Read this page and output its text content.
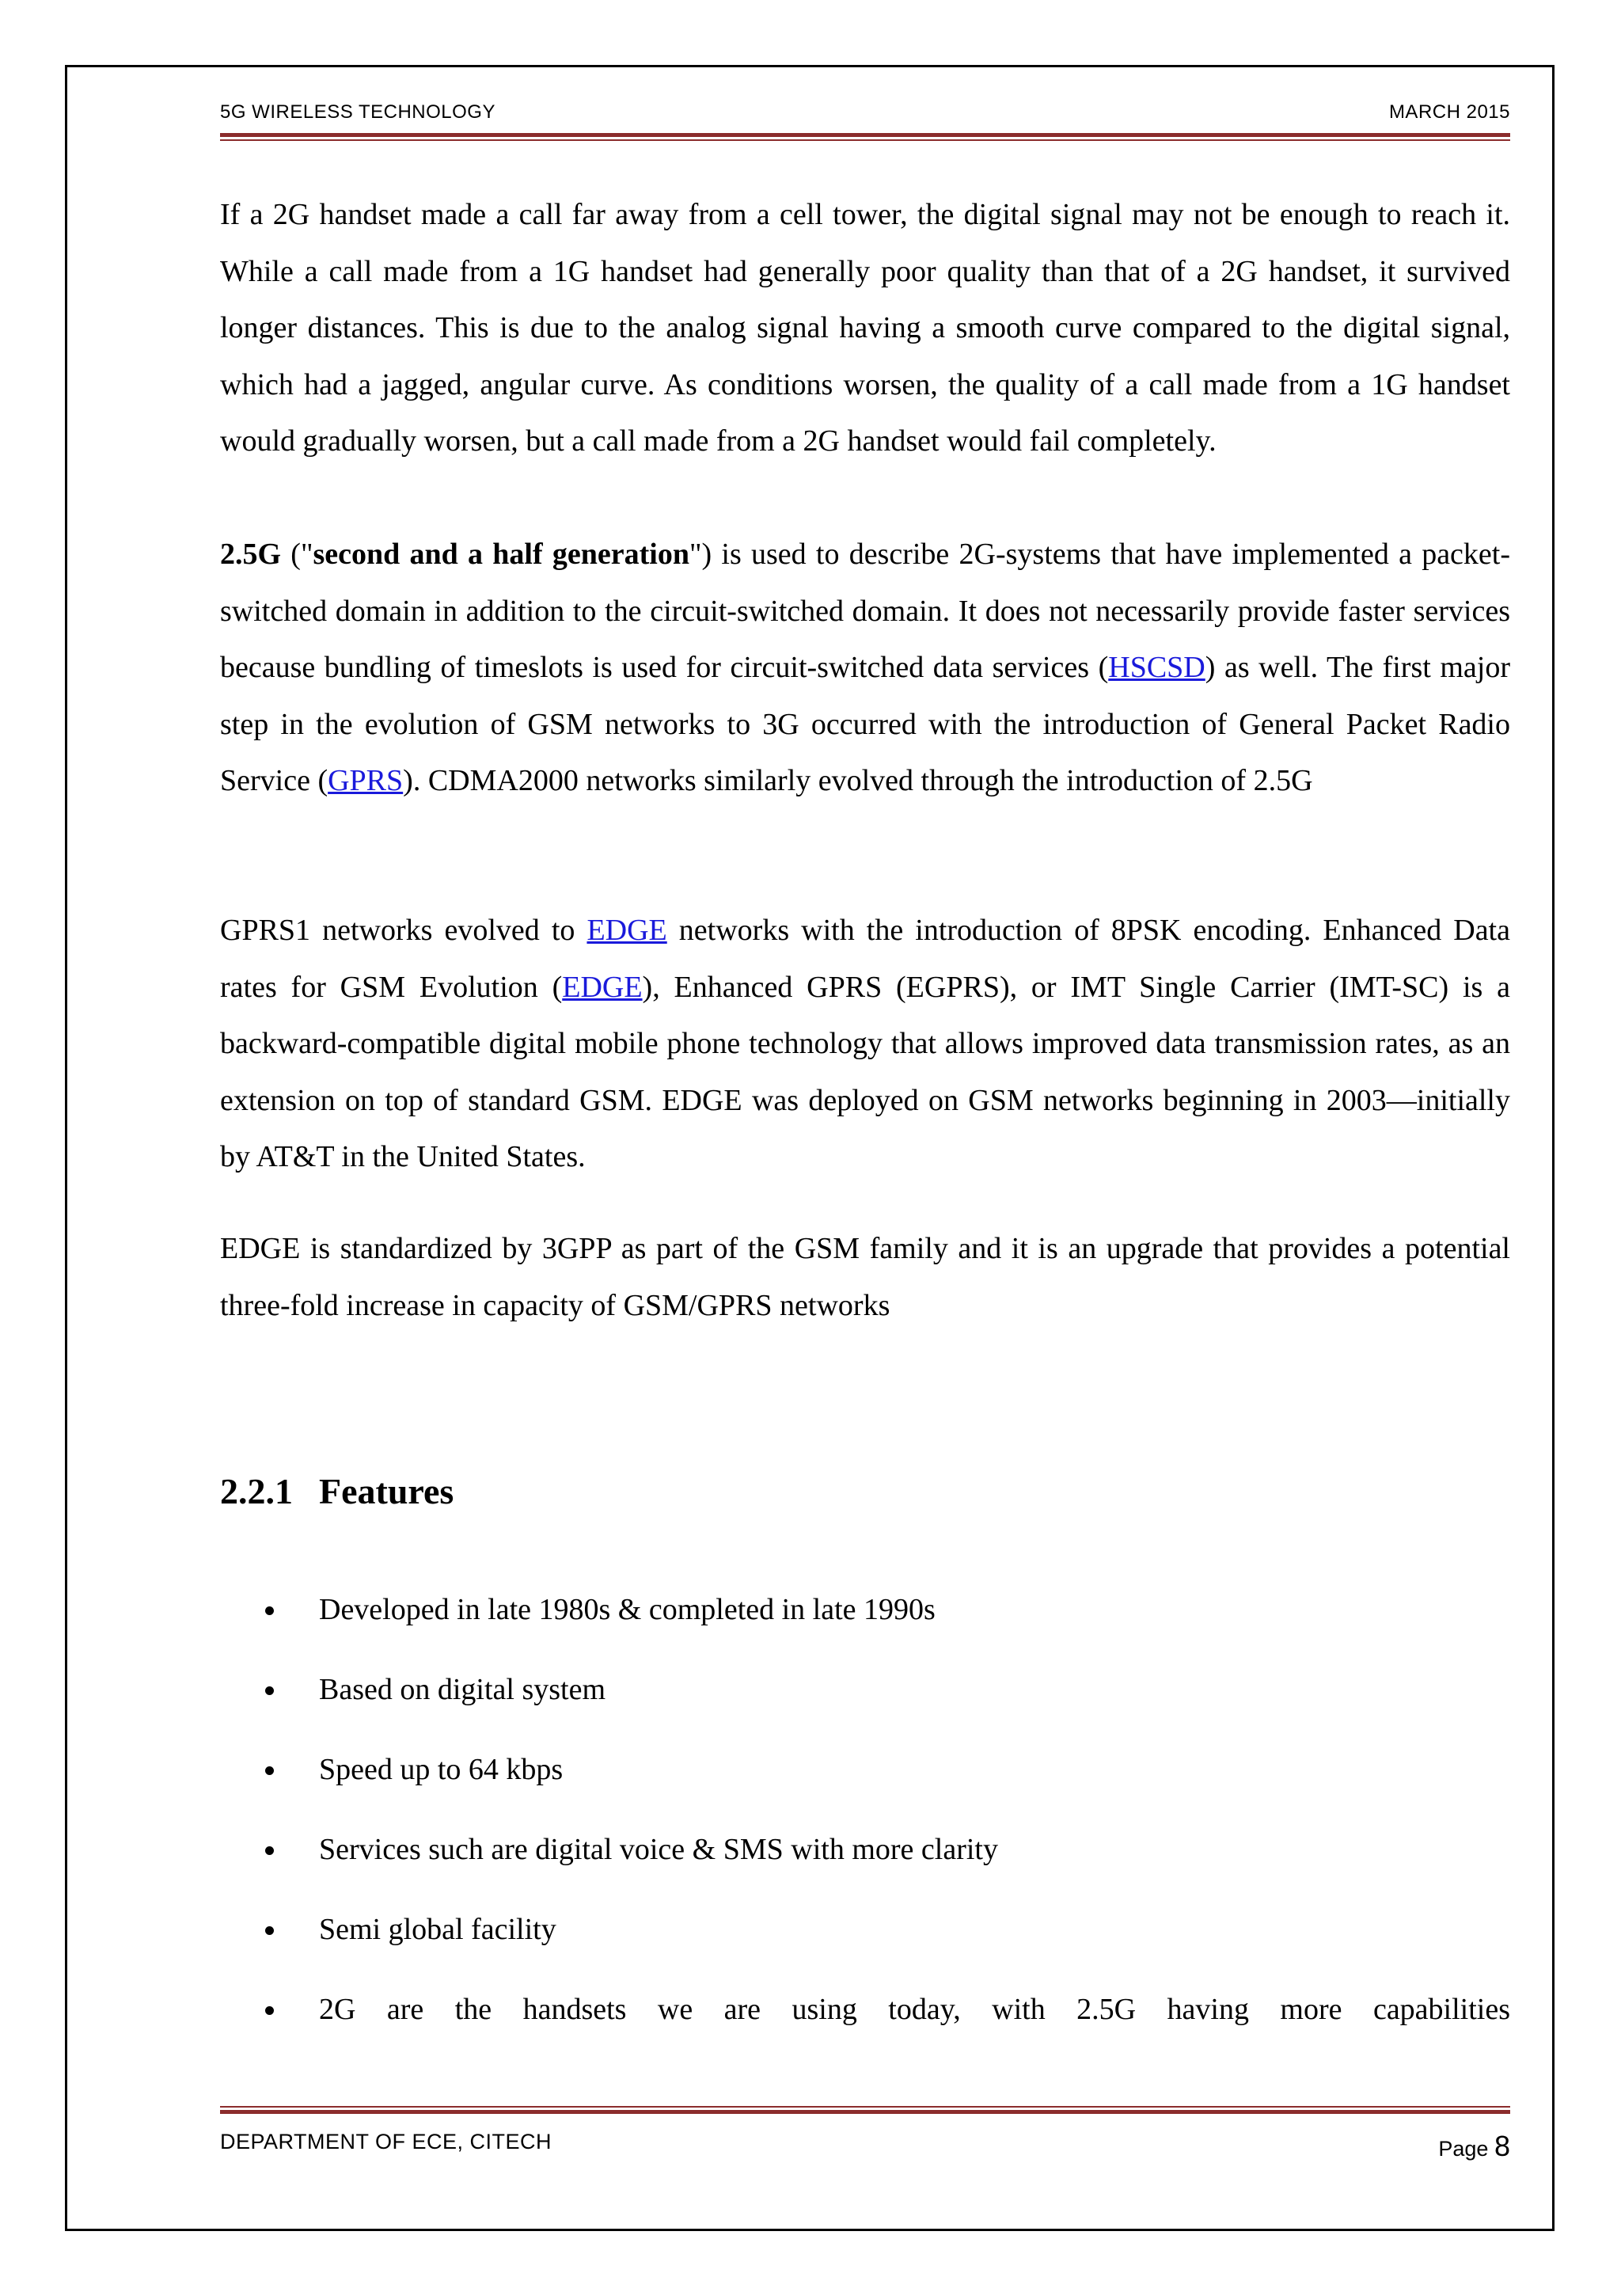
5G WIRELESS TECHNOLOGY	MARCH 2015

If a 2G handset made a call far away from a cell tower, the digital signal may not be enough to reach it. While a call made from a 1G handset had generally poor quality than that of a 2G handset, it survived longer distances. This is due to the analog signal having a smooth curve compared to the digital signal, which had a jagged, angular curve. As conditions worsen, the quality of a call made from a 1G handset would gradually worsen, but a call made from a 2G handset would fail completely.

2.5G ("second and a half generation") is used to describe 2G-systems that have implemented a packet-switched domain in addition to the circuit-switched domain. It does not necessarily provide faster services because bundling of timeslots is used for circuit-switched data services (HSCSD) as well. The first major step in the evolution of GSM networks to 3G occurred with the introduction of General Packet Radio Service (GPRS). CDMA2000 networks similarly evolved through the introduction of 2.5G

GPRS1 networks evolved to EDGE networks with the introduction of 8PSK encoding. Enhanced Data rates for GSM Evolution (EDGE), Enhanced GPRS (EGPRS), or IMT Single Carrier (IMT-SC) is a backward-compatible digital mobile phone technology that allows improved data transmission rates, as an extension on top of standard GSM. EDGE was deployed on GSM networks beginning in 2003—initially by AT&T in the United States.

EDGE is standardized by 3GPP as part of the GSM family and it is an upgrade that provides a potential three-fold increase in capacity of GSM/GPRS networks

2.2.1 Features
Developed in late 1980s & completed in late 1990s
Based on digital system
Speed up to 64 kbps
Services such are digital voice & SMS with more clarity
Semi global facility
2G are the handsets we are using today, with 2.5G having more capabilities
DEPARTMENT OF ECE, CITECH	Page 8
